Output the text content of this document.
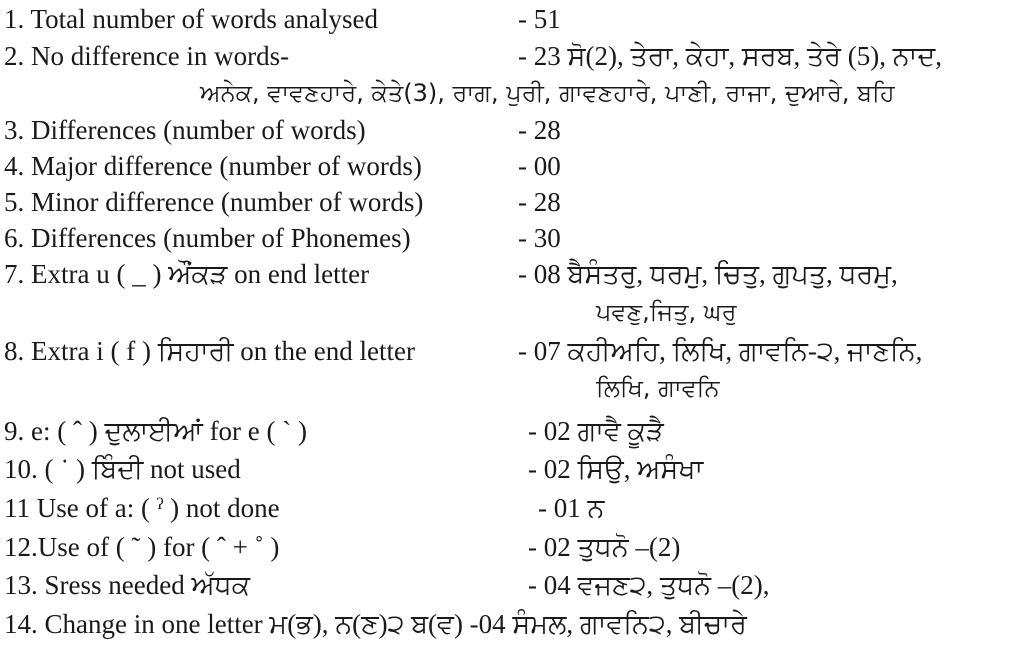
1. Total number of words analysed	- 51
2. No difference in words-	- 23 ਸੋ(2), ਤੇਰਾ, ਕੇਹਾ, ਸਰਬ, ਤੇਰੇ (5), ਨਾਦ,
ਅਨੇਕ, ਵਾਵਣਹਾਰੇ, ਕੇਤੇ(3), ਰਾਗ, ਪੁਰੀ, ਗਾਵਣਹਾਰੇ, ਪਾਣੀ, ਰਾਜਾ, ਦੁਆਰੇ, ਬਹਿ
3. Differences (number of words)	- 28
4. Major difference (number of words)	- 00
5. Minor difference (number of words)	- 28
6. Differences (number of Phonemes)	- 30
7. Extra u ( _ ) ਔਂਕੜ on end letter	- 08 ਬੈਸੰਤਰੁ, ਧਰਮੁ, ਚਿਤੁ, ਗੁਪਤੁ, ਧਰਮੁ,
ਪਵਣੁ,ਜਿਤੁ, ਘਰੁ
8. Extra i ( f ) ਸਿਹਾਰੀ on the end letter	- 07 ਕਹੀਅਹਿ, ਲਿਖਿ, ਗਾਵਨਿ-੨, ਜਾਣਨਿ,
ਲਿਖਿ, ਗਾਵਨਿ
9. e: ( ˆ ) ਦੁਲਾਈਆਂ for e ( ˋ )	- 02 ਗਾਵੈ ਕੂੜੈ
10. ( ˙ ) ਬਿੰਦੀ not used	- 02 ਸਿਉ, ਅਸੰਖਾ
11 Use of a: ( ˀ ) not done	- 01 ਨ
12.Use of ( ˜ ) for ( ˆ + ˚ )	- 02 ਤੁਧਨੋ –(2)
13. Sress needed ਅੱਧਕ	- 04 ਵਜਣ੨, ਤੁਧਨੋ –(2),
14. Change in one letter ਮ(ਭ), ਨ(ਣ)੨ ਬ(ਵ) -04 ਸੰਮਲ, ਗਾਵਨਿ੨, ਬੀਚਾਰੇ
